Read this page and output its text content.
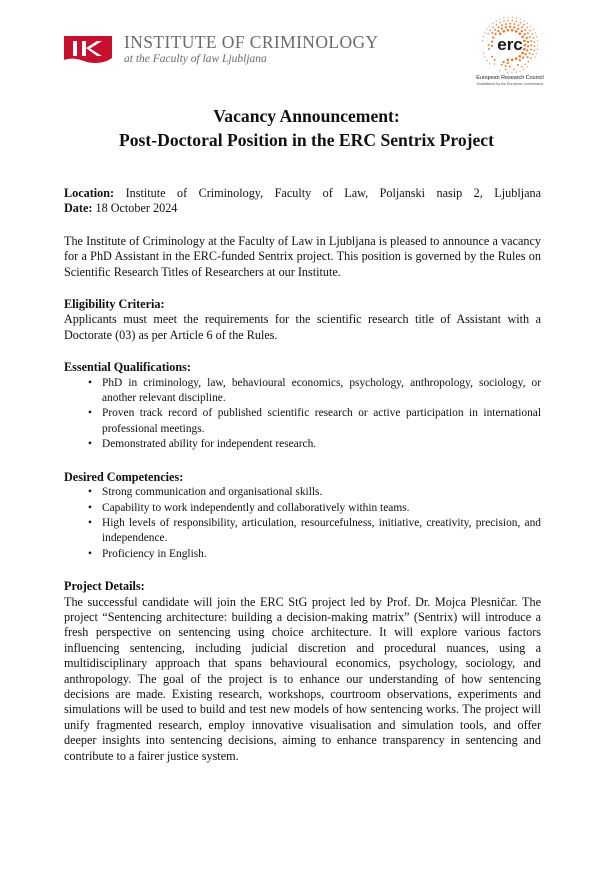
INSTITUTE OF CRIMINOLOGY
at the Faculty of law Ljubljana
erc
European Research Council
Established by the European Commission
Vacancy Announcement:
Post-Doctoral Position in the ERC Sentrix Project
Location: Institute of Criminology, Faculty of Law, Poljanski nasip 2, Ljubljana
Date: 18 October 2024

The Institute of Criminology at the Faculty of Law in Ljubljana is pleased to announce a vacancy for a PhD Assistant in the ERC-funded Sentrix project. This position is governed by the Rules on Scientific Research Titles of Researchers at our Institute.

Eligibility Criteria:

Applicants must meet the requirements for the scientific research title of Assistant with a Doctorate (03) as per Article 6 of the Rules.

Essential Qualifications:
• PhD in criminology, law, behavioural economics, psychology, anthropology, sociology, or another relevant discipline.
• Proven track record of published scientific research or active participation in international professional meetings.
• Demonstrated ability for independent research.
Desired Competencies:
• Strong communication and organisational skills.
• Capability to work independently and collaboratively within teams.
• High levels of responsibility, articulation, resourcefulness, initiative, creativity, precision, and independence.
• Proficiency in English.
Project Details:

The successful candidate will join the ERC StG project led by Prof. Dr. Mojca Plesničar. The project “Sentencing architecture: building a decision-making matrix” (Sentrix) will introduce a fresh perspective on sentencing using choice architecture. It will explore various factors influencing sentencing, including judicial discretion and procedural nuances, using a multidisciplinary approach that spans behavioural economics, psychology, sociology, and anthropology. The goal of the project is to enhance our understanding of how sentencing decisions are made. Existing research, workshops, courtroom observations, experiments and simulations will be used to build and test new models of how sentencing works. The project will unify fragmented research, employ innovative visualisation and simulation tools, and offer deeper insights into sentencing decisions, aiming to enhance transparency in sentencing and contribute to a fairer justice system.
